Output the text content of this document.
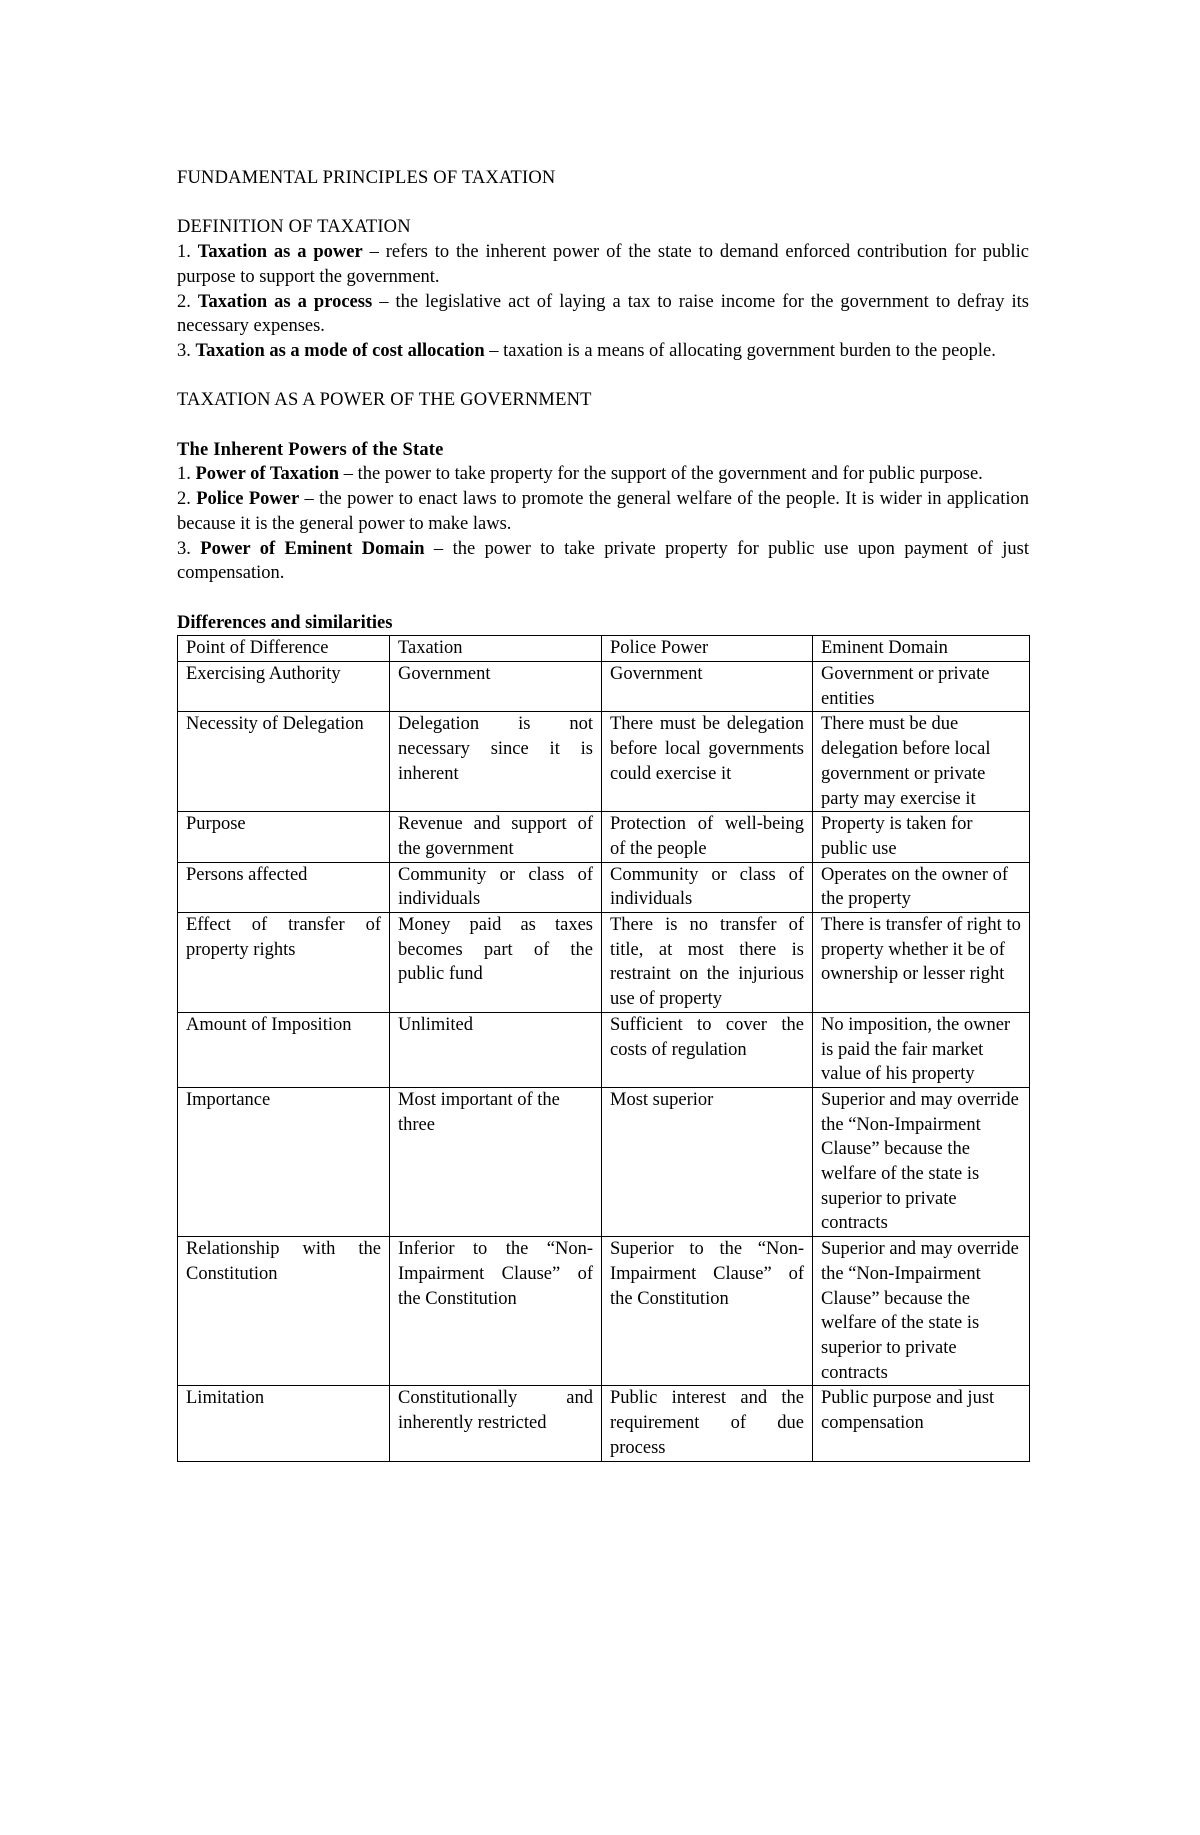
FUNDAMENTAL PRINCIPLES OF TAXATION
DEFINITION OF TAXATION

1. Taxation as a power – refers to the inherent power of the state to demand enforced contribution for public purpose to support the government.

2. Taxation as a process – the legislative act of laying a tax to raise income for the government to defray its necessary expenses.

3. Taxation as a mode of cost allocation – taxation is a means of allocating government burden to the people.

TAXATION AS A POWER OF THE GOVERNMENT
The Inherent Powers of the State

1. Power of Taxation – the power to take property for the support of the government and for public purpose.

2. Police Power – the power to enact laws to promote the general welfare of the people. It is wider in application because it is the general power to make laws.

3. Power of Eminent Domain – the power to take private property for public use upon payment of just compensation.

Differences and similarities
Point of Difference	Taxation	Police Power	Eminent Domain
Exercising Authority	Government	Government	Government or private entities
Necessity of Delegation	Delegation is not necessary since it is inherent	There must be delegation before local governments could exercise it	There must be due delegation before local government or private party may exercise it
Purpose	Revenue and support of the government	Protection of well-being of the people	Property is taken for public use
Persons affected	Community or class of individuals	Community or class of individuals	Operates on the owner of the property
Effect of transfer of property rights	Money paid as taxes becomes part of the public fund	There is no transfer of title, at most there is restraint on the injurious use of property	There is transfer of right to property whether it be of ownership or lesser right
Amount of Imposition	Unlimited	Sufficient to cover the costs of regulation	No imposition, the owner is paid the fair market value of his property
Importance	Most important of the three	Most superior	Superior and may override the “Non-Impairment Clause” because the welfare of the state is superior to private contracts
Relationship with the Constitution	Inferior to the “Non-Impairment Clause” of the Constitution	Superior to the “Non-Impairment Clause” of the Constitution	Superior and may override the “Non-Impairment Clause” because the welfare of the state is superior to private contracts
Limitation	Constitutionally and inherently restricted	Public interest and the requirement of due process	Public purpose and just compensation
